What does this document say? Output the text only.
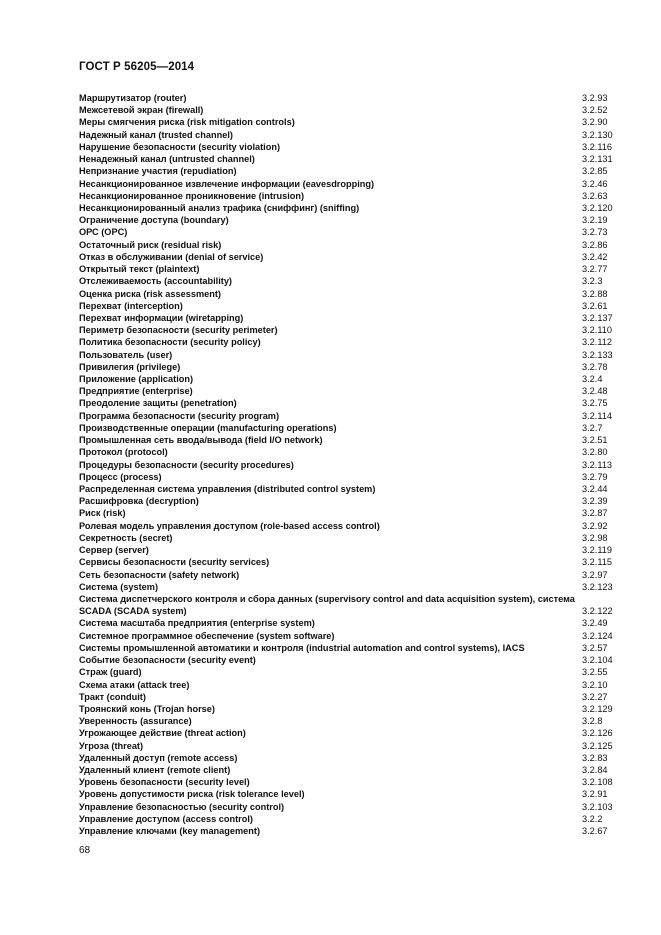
ГОСТ Р 56205—2014
Маршрутизатор (router)	3.2.93
Межсетевой экран (firewall)	3.2.52
Меры смягчения риска (risk mitigation controls)	3.2.90
Надежный канал (trusted channel)	3.2.130
Нарушение безопасности (security violation)	3.2.116
Ненадежный канал (untrusted channel)	3.2.131
Непризнание участия (repudiation)	3.2.85
Несанкционированное извлечение информации (eavesdropping)	3.2.46
Несанкционированное проникновение (intrusion)	3.2.63
Несанкционированный анализ трафика (сниффинг) (sniffing)	3.2.120
Ограничение доступа (boundary)	3.2.19
ОРС (OPC)	3.2.73
Остаточный риск (residual risk)	3.2.86
Отказ в обслуживании (denial of service)	3.2.42
Открытый текст (plaintext)	3.2.77
Отслеживаемость (accountability)	3.2.3
Оценка риска (risk assessment)	3.2.88
Перехват (interception)	3.2.61
Перехват информации (wiretapping)	3.2.137
Периметр безопасности (security perimeter)	3.2.110
Политика безопасности (security policy)	3.2.112
Пользователь (user)	3.2.133
Привилегия (privilege)	3.2.78
Приложение (application)	3.2.4
Предприятие (enterprise)	3.2.48
Преодоление защиты (penetration)	3.2.75
Программа безопасности (security program)	3.2.114
Производственные операции (manufacturing operations)	3.2.7
Промышленная сеть ввода/вывода (field I/O network)	3.2.51
Протокол (protocol)	3.2.80
Процедуры безопасности (security procedures)	3.2.113
Процесс (process)	3.2.79
Распределенная система управления (distributed control system)	3.2.44
Расшифровка (decryption)	3.2.39
Риск (risk)	3.2.87
Ролевая модель управления доступом (role-based access control)	3.2.92
Секретность (secret)	3.2.98
Сервер (server)	3.2.119
Сервисы безопасности (security services)	3.2.115
Сеть безопасности (safety network)	3.2.97
Система (system)	3.2.123
Система диспетчерского контроля и сбора данных (supervisory control and data acquisition system), система SCADA (SCADA system)	3.2.122
Система масштаба предприятия (enterprise system)	3.2.49
Системное программное обеспечение (system software)	3.2.124
Системы промышленной автоматики и контроля (industrial automation and control systems), IACS	3.2.57
Событие безопасности (security event)	3.2.104
Страж (guard)	3.2.55
Схема атаки (attack tree)	3.2.10
Тракт (conduit)	3.2.27
Троянский конь (Trojan horse)	3.2.129
Уверенность (assurance)	3.2.8
Угрожающее действие (threat action)	3.2.126
Угроза (threat)	3.2.125
Удаленный доступ (remote access)	3.2.83
Удаленный клиент (remote client)	3.2.84
Уровень безопасности (security level)	3.2.108
Уровень допустимости риска (risk tolerance level)	3.2.91
Управление безопасностью (security control)	3.2.103
Управление доступом (access control)	3.2.2
Управление ключами (key management)	3.2.67
68
